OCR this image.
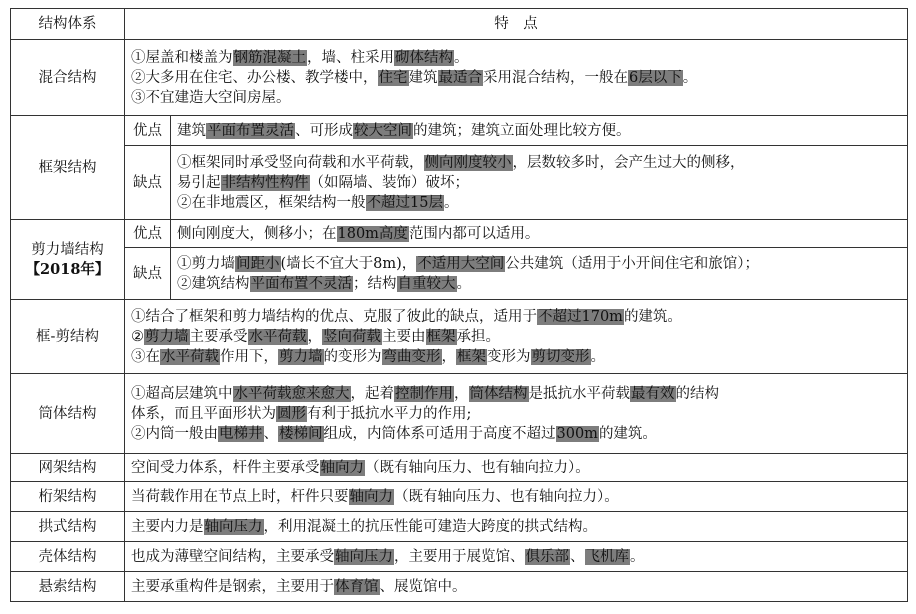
结构体系	特　点	
混合结构	①屋盖和楼盖为钢筋混凝土，墙、柱采用砌体结构。
②大多用在住宅、办公楼、教学楼中，住宅建筑最适合采用混合结构，一般在6层以下。
③不宜建造大空间房屋。	

框架结构	优点	建筑平面布置灵活、可形成较大空间的建筑；建筑立面处理比较方便。

	缺点	①框架同时承受竖向荷载和水平荷载，侧向刚度较小，层数较多时，会产生过大的侧移，
易引起非结构性构件（如隔墙、装饰）破坏；
②在非地震区，框架结构一般不超过15层。

剪力墙结构
【2018年】	优点	侧向刚度大，侧移小；在180m高度范围内都可以适用。

	缺点	①剪力墙间距小(墙长不宜大于8m)，不适用大空间公共建筑（适用于小开间住宅和旅馆）；
②建筑结构平面布置不灵活；结构自重较大。

框-剪结构	①结合了框架和剪力墙结构的优点、克服了彼此的缺点，适用于不超过170m的建筑。
②剪力墙主要承受水平荷载，竖向荷载主要由框架承担。
③在水平荷载作用下，剪力墙的变形为弯曲变形，框架变形为剪切变形。	

筒体结构	①超高层建筑中水平荷载愈来愈大，起着控制作用，筒体结构是抵抗水平荷载最有效的结构
体系，而且平面形状为圆形有利于抵抗水平力的作用;
②内筒一般由电梯井、楼梯间组成，内筒体系可适用于高度不超过300m的建筑。	

网架结构	空间受力体系，杆件主要承受轴向力（既有轴向压力、也有轴向拉力）。	

桁架结构	当荷载作用在节点上时，杆件只要轴向力（既有轴向压力、也有轴向拉力）。	

拱式结构	主要内力是轴向压力，利用混凝土的抗压性能可建造大跨度的拱式结构。	

壳体结构	也成为薄壁空间结构，主要承受轴向压力，主要用于展览馆、俱乐部、飞机库。	

悬索结构	主要承重构件是钢索，主要用于体育馆、展览馆中。	
